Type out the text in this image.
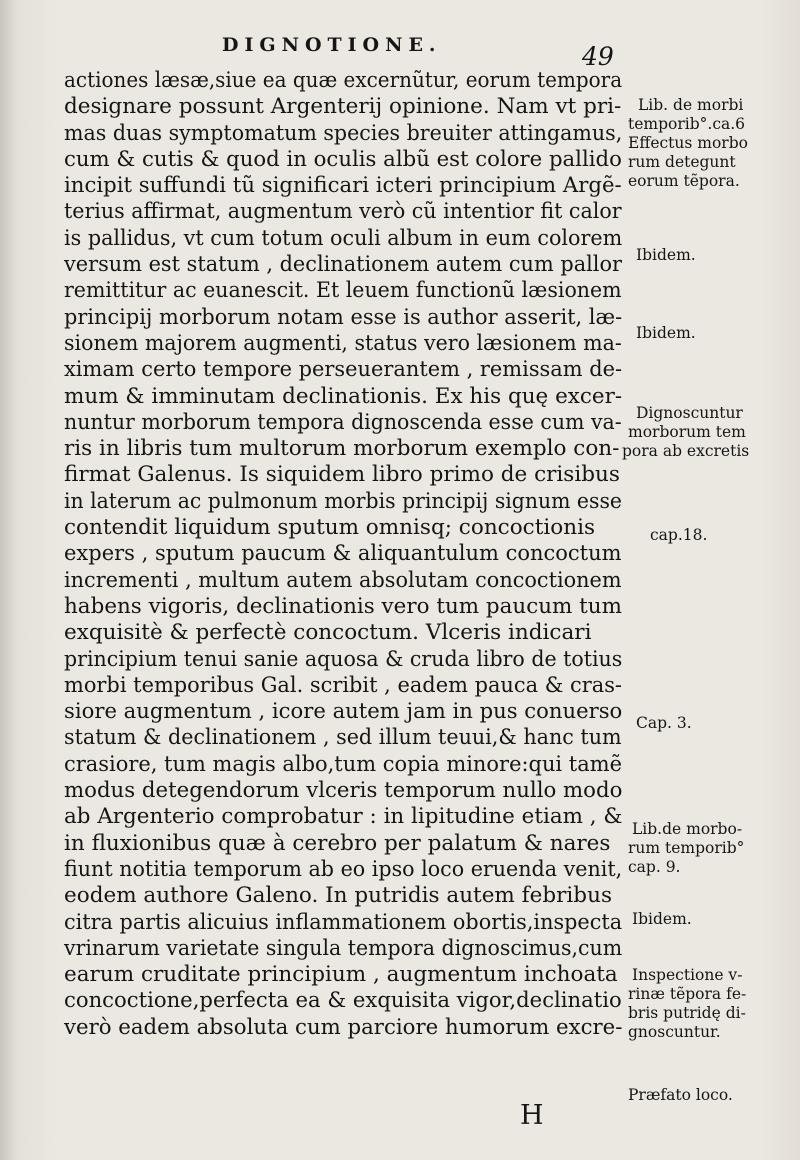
DIGNOTIONE.	49
actiones læsæ,siue ea quæ excernũtur, eorum tempora
designare possunt Argenterij opinione. Nam vt pri-
mas duas symptomatum species breuiter attingamus,
cum & cutis & quod in oculis albũ est colore pallido
incipit suffundi tũ significari icteri principium Argẽ-
terius affirmat, augmentum verò cũ intentior fit calor
is pallidus, vt cum totum oculi album in eum colorem
versum est statum , declinationem autem cum pallor
remittitur ac euanescit. Et leuem functionũ læsionem
principij morborum notam esse is author asserit, læ-
sionem majorem augmenti, status vero læsionem ma-
ximam certo tempore perseuerantem , remissam de-
mum & imminutam declinationis. Ex his quę excer-
nuntur morborum tempora dignoscenda esse cum va-
ris in libris tum multorum morborum exemplo con-
firmat Galenus. Is siquidem libro primo de crisibus
in laterum ac pulmonum morbis principij signum esse
contendit liquidum sputum omnisq; concoctionis
expers , sputum paucum & aliquantulum concoctum
incrementi , multum autem absolutam concoctionem
habens vigoris, declinationis vero tum paucum tum
exquisitè & perfectè concoctum. Vlceris indicari
principium tenui sanie aquosa & cruda libro de totius
morbi temporibus Gal. scribit , eadem pauca & cras-
siore augmentum , icore autem jam in pus conuerso
statum & declinationem , sed illum teuui,& hanc tum
crasiore, tum magis albo,tum copia minore:qui tamẽ
modus detegendorum vlceris temporum nullo modo
ab Argenterio comprobatur : in lipitudine etiam , &
in fluxionibus quæ à cerebro per palatum & nares
fiunt notitia temporum ab eo ipso loco eruenda venit,
eodem authore Galeno. In putridis autem febribus
citra partis alicuius inflammationem obortis,inspecta
vrinarum varietate singula tempora dignoscimus,cum
earum cruditate principium , augmentum inchoata
concoctione,perfecta ea & exquisita vigor,declinatio
verò eadem absoluta cum parciore humorum excre-
Lib. de morbi
temporib°.ca.6
Effectus morbo
rum detegunt
eorum tẽpora.
Ibidem.
Ibidem.
Dignoscuntur
morborum tem
pora ab excretis
cap.18.
Cap. 3.
Lib.de morbo-
rum temporib°
cap. 9.
Ibidem.
Inspectione v-
rinæ tẽpora fe-
bris putridę di-
gnoscuntur.
Præfato loco.
H
